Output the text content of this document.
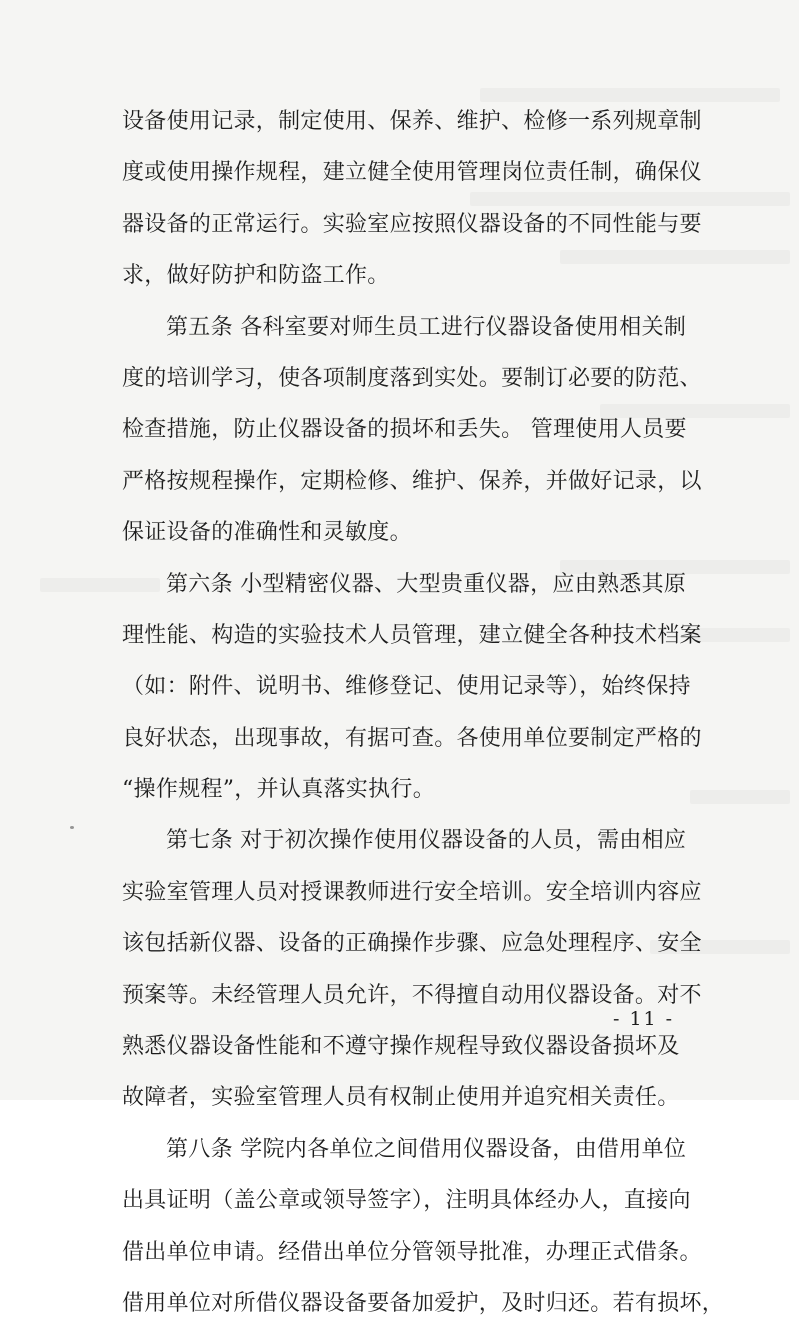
设备使用记录，制定使用、保养、维护、检修一系列规章制
度或使用操作规程，建立健全使用管理岗位责任制，确保仪
器设备的正常运行。实验室应按照仪器设备的不同性能与要
求，做好防护和防盗工作。
第五条 各科室要对师生员工进行仪器设备使用相关制
度的培训学习，使各项制度落到实处。要制订必要的防范、
检查措施，防止仪器设备的损坏和丢失。 管理使用人员要
严格按规程操作，定期检修、维护、保养，并做好记录，以
保证设备的准确性和灵敏度。
第六条 小型精密仪器、大型贵重仪器，应由熟悉其原
理性能、构造的实验技术人员管理，建立健全各种技术档案
（如：附件、说明书、维修登记、使用记录等），始终保持
良好状态，出现事故，有据可查。各使用单位要制定严格的
“操作规程”，并认真落实执行。
第七条 对于初次操作使用仪器设备的人员，需由相应
实验室管理人员对授课教师进行安全培训。安全培训内容应
该包括新仪器、设备的正确操作步骤、应急处理程序、安全
预案等。未经管理人员允许，不得擅自动用仪器设备。对不
熟悉仪器设备性能和不遵守操作规程导致仪器设备损坏及
故障者，实验室管理人员有权制止使用并追究相关责任。
第八条 学院内各单位之间借用仪器设备，由借用单位
出具证明（盖公章或领导签字），注明具体经办人，直接向
借出单位申请。经借出单位分管领导批准，办理正式借条。
借用单位对所借仪器设备要备加爱护，及时归还。若有损坏，
- 11 -
